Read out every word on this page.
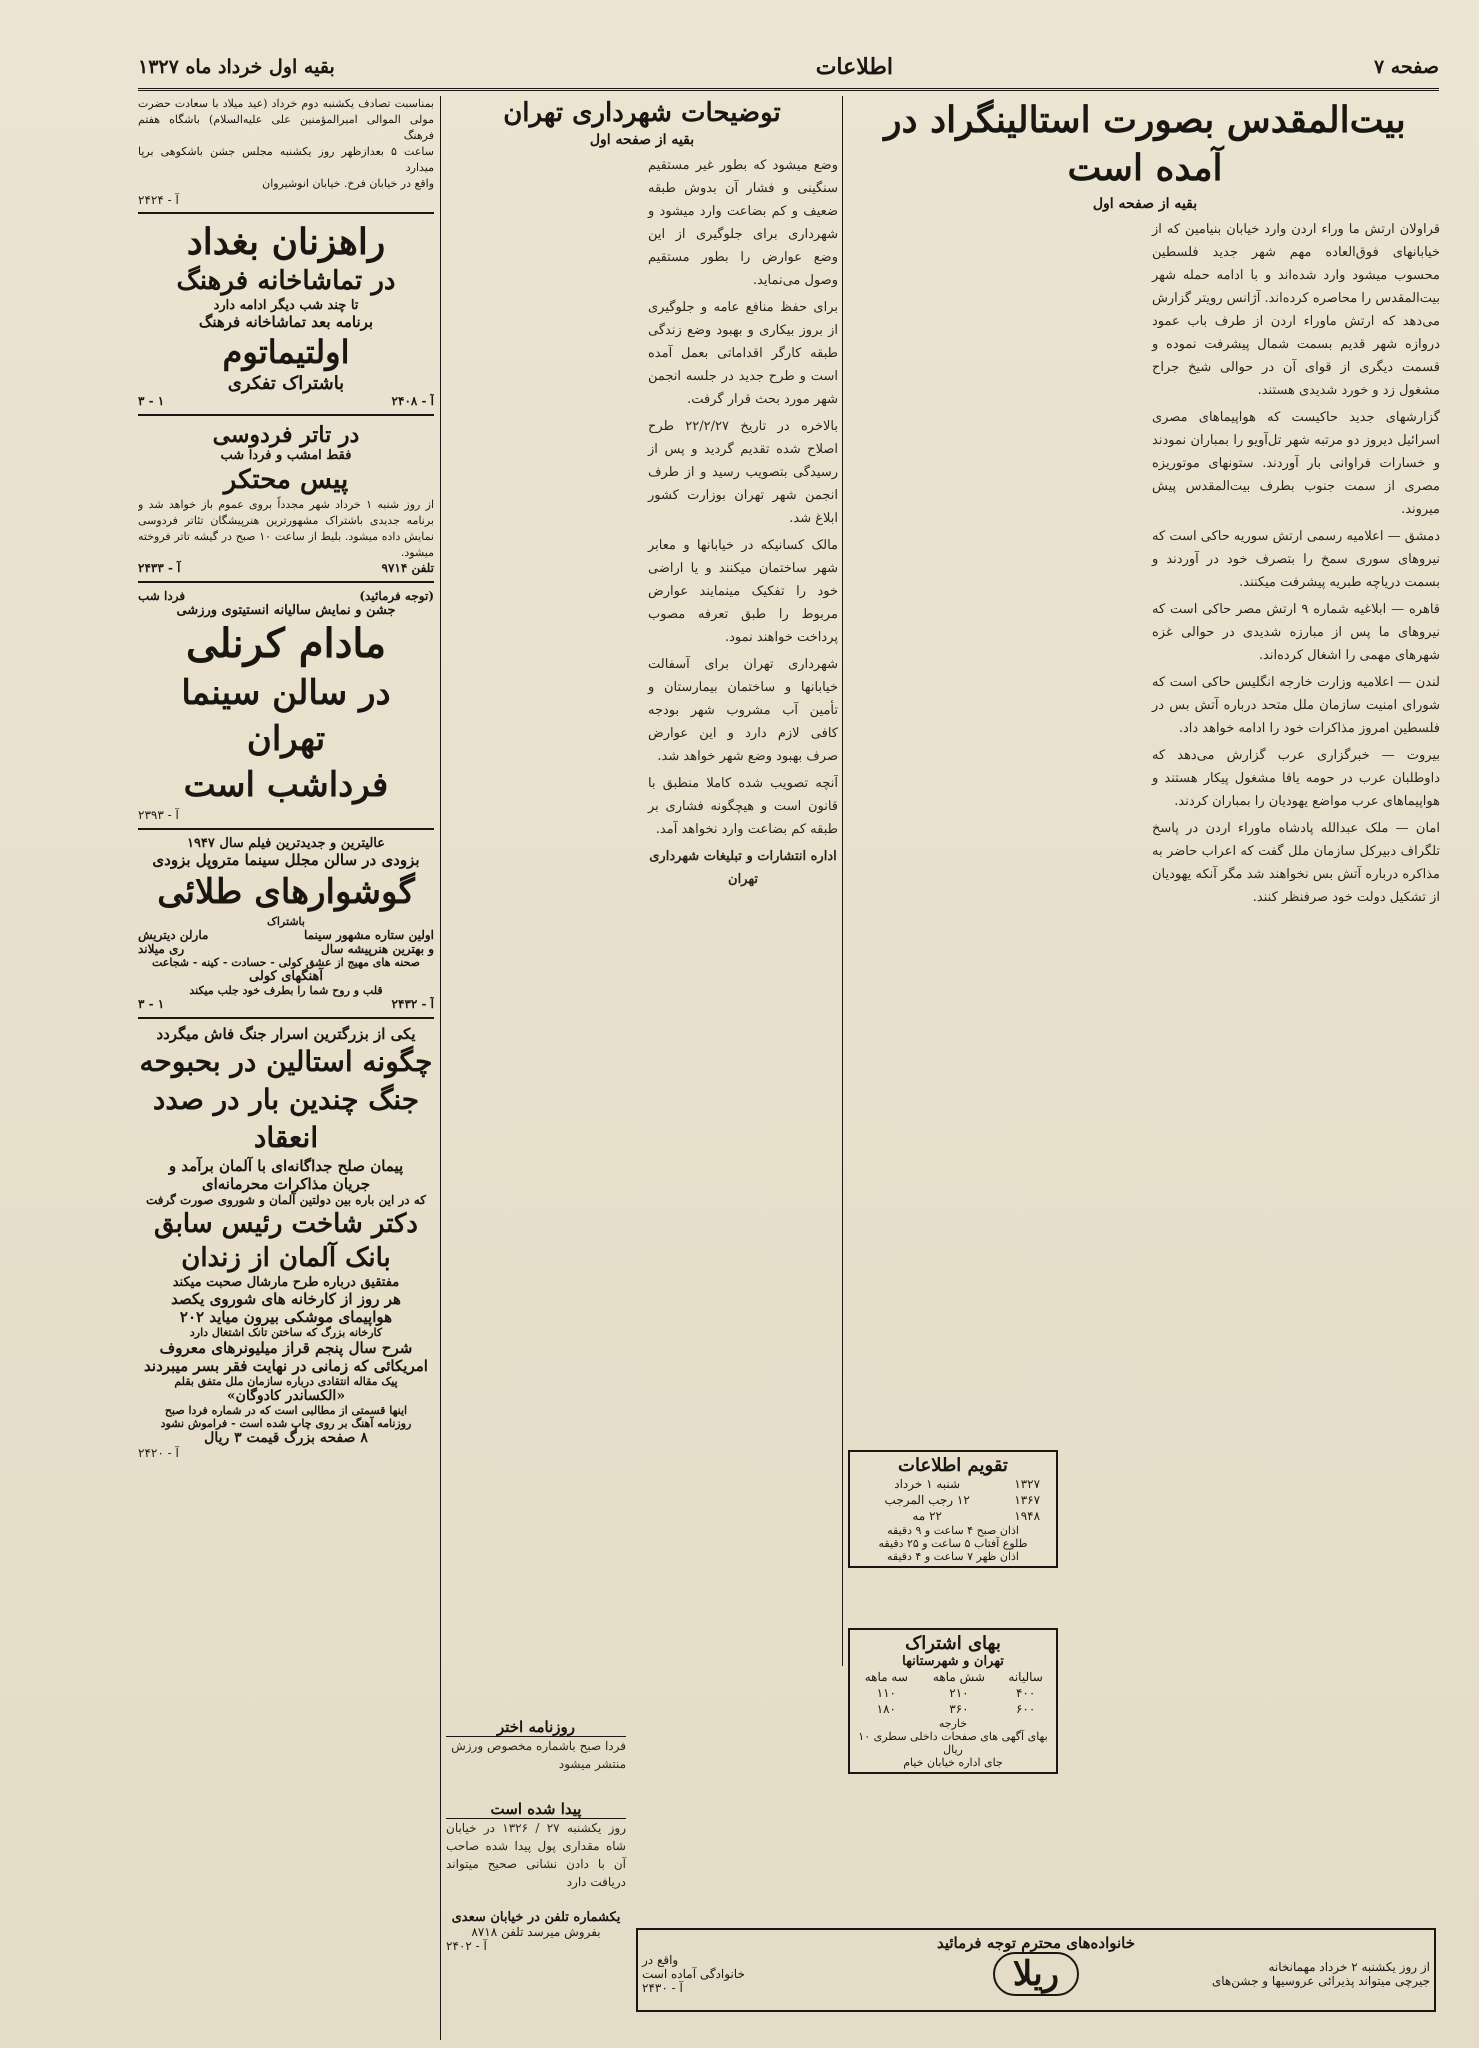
صفحه ۷
اطلاعات
بقیه اول خرداد ماه ۱۳۲۷
بیت‌المقدس بصورت استالینگراد در آمده است
بقیه از صفحه اول

قراولان ارتش ما وراء اردن وارد خیابان بنیامین که از خیابانهای فوق‌العاده مهم شهر جدید فلسطین محسوب میشود وارد شده‌اند و با ادامه حمله شهر بیت‌المقدس را محاصره کرده‌اند. آژانس رویتر گزارش می‌دهد که ارتش ماوراء اردن از طرف باب عمود دروازه شهر قدیم بسمت شمال پیشرفت نموده و قسمت دیگری از قوای آن در حوالی شیخ جراح مشغول زد و خورد شدیدی هستند.

گزارشهای جدید حاکیست که هواپیماهای مصری اسرائیل دیروز دو مرتبه شهر تل‌آویو را بمباران نمودند و خسارات فراوانی بار آوردند. ستونهای موتوریزه مصری از سمت جنوب بطرف بیت‌المقدس پیش میروند.

دمشق — اعلامیه رسمی ارتش سوریه حاکی است که نیروهای سوری سمخ را بتصرف خود در آوردند و بسمت دریاچه طبریه پیشرفت میکنند.

قاهره — ابلاغیه شماره ۹ ارتش مصر حاکی است که نیروهای ما پس از مبارزه شدیدی در حوالی غزه شهرهای مهمی را اشغال کرده‌اند.

لندن — اعلامیه وزارت خارجه انگلیس حاکی است که شورای امنیت سازمان ملل متحد درباره آتش بس در فلسطین امروز مذاکرات خود را ادامه خواهد داد.

بیروت — خبرگزاری عرب گزارش می‌دهد که داوطلبان عرب در حومه یافا مشغول پیکار هستند و هواپیماهای عرب مواضع یهودیان را بمباران کردند.

امان — ملک عبدالله پادشاه ماوراء اردن در پاسخ تلگراف دبیرکل سازمان ملل گفت که اعراب حاضر به مذاکره درباره آتش بس نخواهند شد مگر آنکه یهودیان از تشکیل دولت خود صرفنظر کنند.

تقویم اطلاعات
۱۳۲۷	شنبه ۱ خرداد
۱۳۶۷	۱۲ رجب المرجب
۱۹۴۸	۲۲ مه
اذان صبح ۴ ساعت و ۹ دقیقه
طلوع آفتاب ۵ ساعت و ۲۵ دقیقه
اذان ظهر ۷ ساعت و ۴ دقیقه
بهای اشتراک
تهران و شهرستانها
سالیانه	شش ماهه	سه ماهه
۴۰۰	۲۱۰	۱۱۰
۶۰۰	۳۶۰	۱۸۰
خارجه
بهای آگهی های صفحات داخلی سطری ۱۰ ریال
جای اداره خیابان خیام
توضیحات شهرداری تهران
بقیه از صفحه اول

وضع میشود که بطور غیر مستقیم سنگینی و فشار آن بدوش طبقه ضعیف و کم بضاعت وارد میشود و شهرداری برای جلوگیری از این وضع عوارض را بطور مستقیم وصول می‌نماید.

برای حفظ منافع عامه و جلوگیری از بروز بیکاری و بهبود وضع زندگی طبقه کارگر اقداماتی بعمل آمده است و طرح جدید در جلسه انجمن شهر مورد بحث قرار گرفت.

بالاخره در تاریخ ۲۲/۲/۲۷ طرح اصلاح شده تقدیم گردید و پس از رسیدگی بتصویب رسید و از طرف انجمن شهر تهران بوزارت کشور ابلاغ شد.

مالک کسانیکه در خیابانها و معابر شهر ساختمان میکنند و یا اراضی خود را تفکیک مینمایند عوارض مربوط را طبق تعرفه مصوب پرداخت خواهند نمود.

شهرداری تهران برای آسفالت خیابانها و ساختمان بیمارستان و تأمین آب مشروب شهر بودجه کافی لازم دارد و این عوارض صرف بهبود وضع شهر خواهد شد.

آنچه تصویب شده کاملا منطبق با قانون است و هیچگونه فشاری بر طبقه کم بضاعت وارد نخواهد آمد.

اداره انتشارات و تبلیغات شهرداری تهران

روزنامه اختر
فردا صبح باشماره مخصوص ورزش
منتشر میشود
پیدا شده است
روز یکشنبه ۲۷ / ۱۳۲۶ در خیابان شاه مقداری پول پیدا شده صاحب آن با دادن نشانی صحیح میتواند دریافت دارد
یکشماره تلفن در خیابان سعدی
بفروش میرسد تلفن ۸۷۱۸
آ - ۲۴۰۲	خانواده‌های محترم توجه فرمائید
از روز یکشنبه ۲ خرداد مهمانخانه
جیرچی میتواند پذیرائی عروسیها و جشن‌های
ریلا
واقع در
خانوادگی آماده است
آ - ۲۴۳۰
بمناسبت تصادف یکشنبه دوم خرداد (عید میلاد با سعادت حضرت مولی الموالی امیرالمؤمنین علی علیه‌السلام) باشگاه هفتم فرهنگ
ساعت ۵ بعدازظهر روز یکشنبه مجلس جشن باشکوهی برپا میدارد
واقع در خیابان فرخ. خیابان انوشیروان
آ - ۲۴۲۴
راهزنان بغداد
در تماشاخانه فرهنگ
تا چند شب دیگر ادامه دارد
برنامه بعد تماشاخانه فرهنگ
اولتیماتوم
باشتراک تفکری
آ - ۲۴۰۸
۱ - ۳
در تاتر فردوسی
فقط امشب و فردا شب
پیس محتکر
از روز شنبه ۱ خرداد شهر مجدداً بروی عموم باز خواهد شد و برنامه جدیدی باشتراک مشهورترین هنرپیشگان تئاتر فردوسی نمایش داده میشود. بلیط از ساعت ۱۰ صبح در گیشه تاتر فروخته میشود.
تلفن ۹۷۱۴
آ - ۲۴۳۳
(توجه فرمائید)
فردا شب
جشن و نمایش سالیانه انستیتوی ورزشی
مادام کرنلی
در سالن سینما تهران
فرداشب است
آ - ۲۳۹۳
عالیترین و جدیدترین فیلم سال ۱۹۴۷
بزودی در سالن مجلل سینما متروپل بزودی
گوشوارهای طلائی
باشتراک
اولین ستاره مشهور سینما
مارلن دیتریش
و بهترین هنرپیشه سال
ری میلاند
صحنه های مهیج از عشق کولی - حسادت - کینه - شجاعت
آهنگهای کولی
قلب و روح شما را بطرف خود جلب میکند
آ - ۲۴۳۲
۱ - ۳
یکی از بزرگترین اسرار جنگ فاش میگردد
چگونه استالین در بحبوحه
جنگ چندین بار در صدد
انعقاد
پیمان صلح جداگانه‌ای با آلمان برآمد و
جریان مذاکرات محرمانه‌ای
که در این باره بین دولتین آلمان و شوروی صورت گرفت
دکتر شاخت رئیس سابق
بانک آلمان از زندان
مفتقیق درباره طرح مارشال صحبت میکند
هر روز از کارخانه های شوروی یکصد
هواپیمای موشکی بیرون میاید ۲۰۲
کارخانه بزرگ که ساختن تانک اشتغال دارد
شرح سال پنجم قراز میلیونرهای معروف
امریکائی که زمانی در نهایت فقر بسر میبردند
پیک مقاله انتقادی درباره سازمان ملل متفق بقلم
«الکساندر کادوگان»
اینها قسمتی از مطالبی است که در شماره فردا صبح
روزنامه آهنگ بر روی چاپ شده است - فراموش نشود
۸ صفحه بزرگ قیمت ۳ ریال
آ - ۲۴۲۰
